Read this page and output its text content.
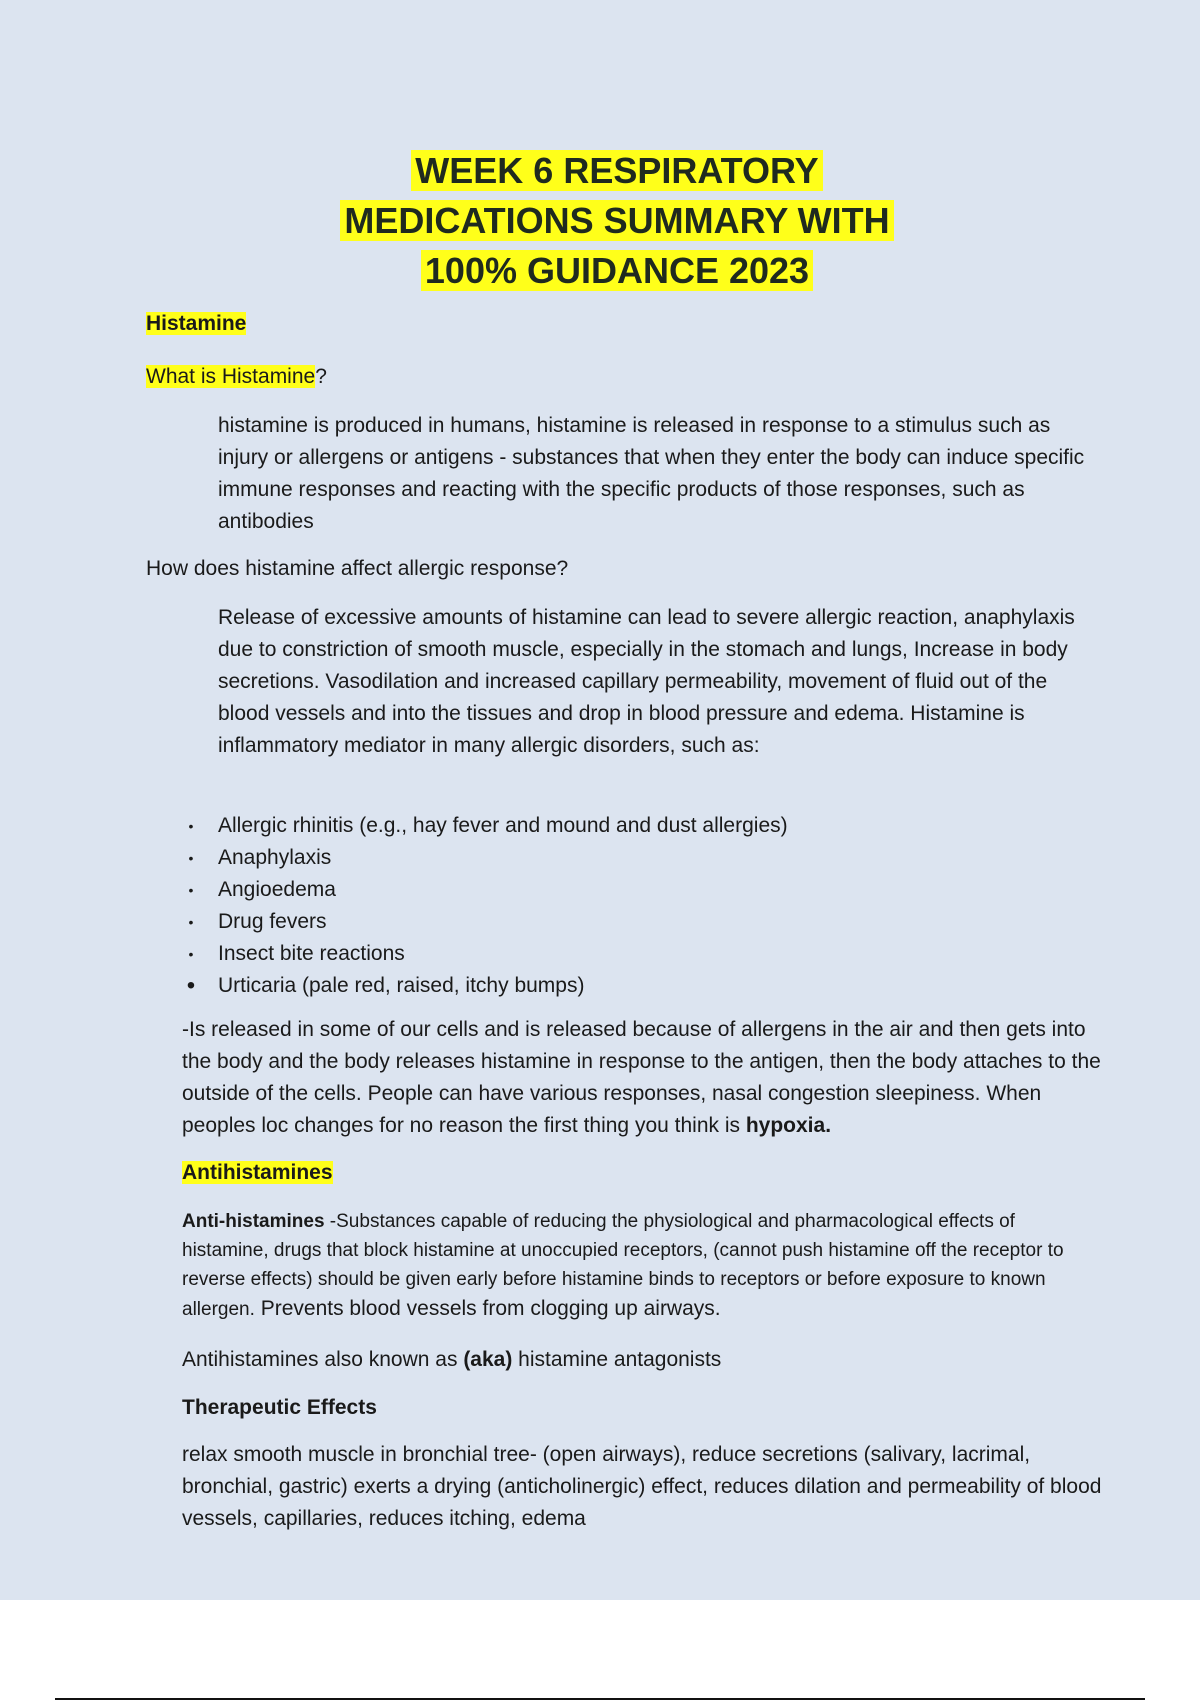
WEEK 6 RESPIRATORY
MEDICATIONS SUMMARY WITH
100% GUIDANCE 2023
Histamine
What is Histamine?

histamine is produced in humans, histamine is released in response to a stimulus such as injury or allergens or antigens - substances that when they enter the body can induce specific immune responses and reacting with the specific products of those responses, such as antibodies

How does histamine affect allergic response?

Release of excessive amounts of histamine can lead to severe allergic reaction, anaphylaxis due to constriction of smooth muscle, especially in the stomach and lungs, Increase in body secretions. Vasodilation and increased capillary permeability, movement of fluid out of the blood vessels and into the tissues and drop in blood pressure and edema. Histamine is inflammatory mediator in many allergic disorders, such as:

• Allergic rhinitis (e.g., hay fever and mound and dust allergies)
• Anaphylaxis
• Angioedema
• Drug fevers
• Insect bite reactions
• Urticaria (pale red, raised, itchy bumps)

-Is released in some of our cells and is released because of allergens in the air and then gets into the body and the body releases histamine in response to the antigen, then the body attaches to the outside of the cells. People can have various responses, nasal congestion sleepiness. When peoples loc changes for no reason the first thing you think is hypoxia.

Antihistamines

Anti-histamines -Substances capable of reducing the physiological and pharmacological effects of histamine, drugs that block histamine at unoccupied receptors, (cannot push histamine off the receptor to reverse effects) should be given early before histamine binds to receptors or before exposure to known allergen. Prevents blood vessels from clogging up airways.

Antihistamines also known as (aka) histamine antagonists
Therapeutic Effects

relax smooth muscle in bronchial tree- (open airways), reduce secretions (salivary, lacrimal, bronchial, gastric) exerts a drying (anticholinergic) effect, reduces dilation and permeability of blood vessels, capillaries, reduces itching, edema
